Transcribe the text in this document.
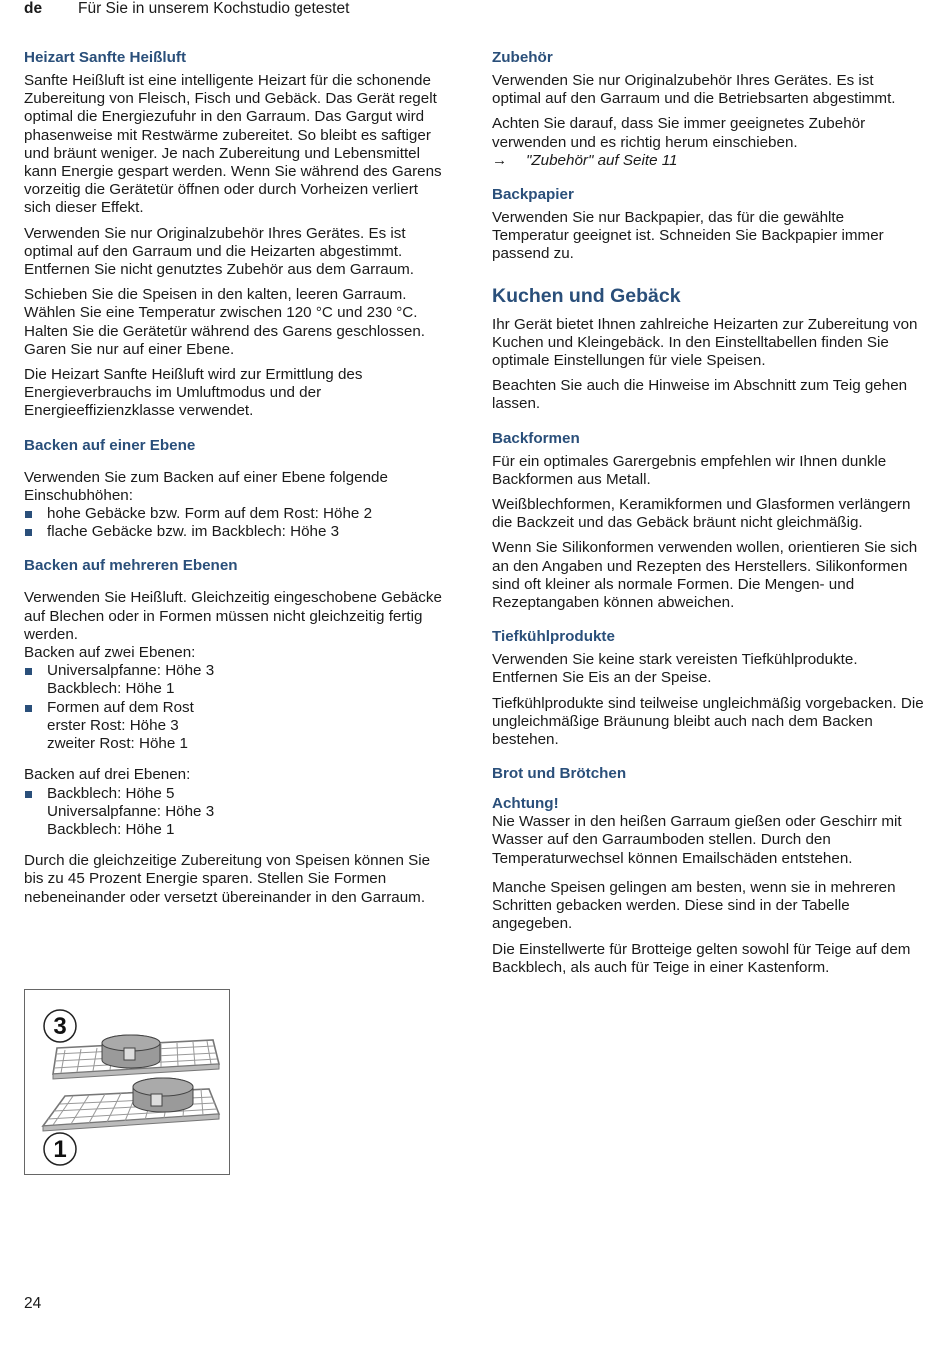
de Für Sie in unserem Kochstudio getestet
Heizart Sanfte Heißluft

Sanfte Heißluft ist eine intelligente Heizart für die schonende Zubereitung von Fleisch, Fisch und Gebäck. Das Gerät regelt optimal die Energiezufuhr in den Garraum. Das Gargut wird phasenweise mit Restwärme zubereitet. So bleibt es saftiger und bräunt weniger. Je nach Zubereitung und Lebensmittel kann Energie gespart werden. Wenn Sie während des Garens vorzeitig die Gerätetür öffnen oder durch Vorheizen verliert sich dieser Effekt.

Verwenden Sie nur Originalzubehör Ihres Gerätes. Es ist optimal auf den Garraum und die Heizarten abgestimmt. Entfernen Sie nicht genutztes Zubehör aus dem Garraum.

Schieben Sie die Speisen in den kalten, leeren Garraum. Wählen Sie eine Temperatur zwischen 120 °C und 230 °C. Halten Sie die Gerätetür während des Garens geschlossen. Garen Sie nur auf einer Ebene.

Die Heizart Sanfte Heißluft wird zur Ermittlung des Energieverbrauchs im Umluftmodus und der Energieeffizienzklasse verwendet.

Backen auf einer Ebene
Verwenden Sie zum Backen auf einer Ebene folgende Einschubhöhen:
hohe Gebäcke bzw. Form auf dem Rost: Höhe 2
flache Gebäcke bzw. im Backblech: Höhe 3
Backen auf mehreren Ebenen
Verwenden Sie Heißluft. Gleichzeitig eingeschobene Gebäcke auf Blechen oder in Formen müssen nicht gleichzeitig fertig werden.
Backen auf zwei Ebenen:
Universalpfanne: Höhe 3
Backblech: Höhe 1
Formen auf dem Rost
erster Rost: Höhe 3
zweiter Rost: Höhe 1
Backen auf drei Ebenen:
Backblech: Höhe 5
Universalpfanne: Höhe 3
Backblech: Höhe 1

Durch die gleichzeitige Zubereitung von Speisen können Sie bis zu 45 Prozent Energie sparen. Stellen Sie Formen nebeneinander oder versetzt übereinander in den Garraum.

3
1
Zubehör

Verwenden Sie nur Originalzubehör Ihres Gerätes. Es ist optimal auf den Garraum und die Betriebsarten abgestimmt.

Achten Sie darauf, dass Sie immer geeignetes Zubehör verwenden und es richtig herum einschieben.
→ "Zubehör" auf Seite 11
Backpapier

Verwenden Sie nur Backpapier, das für die gewählte Temperatur geeignet ist. Schneiden Sie Backpapier immer passend zu.

Kuchen und Gebäck

Ihr Gerät bietet Ihnen zahlreiche Heizarten zur Zubereitung von Kuchen und Kleingebäck. In den Einstelltabellen finden Sie optimale Einstellungen für viele Speisen.

Beachten Sie auch die Hinweise im Abschnitt zum Teig gehen lassen.

Backformen

Für ein optimales Garergebnis empfehlen wir Ihnen dunkle Backformen aus Metall.

Weißblechformen, Keramikformen und Glasformen verlängern die Backzeit und das Gebäck bräunt nicht gleichmäßig.

Wenn Sie Silikonformen verwenden wollen, orientieren Sie sich an den Angaben und Rezepten des Herstellers. Silikonformen sind oft kleiner als normale Formen. Die Mengen- und Rezeptangaben können abweichen.

Tiefkühlprodukte

Verwenden Sie keine stark vereisten Tiefkühlprodukte. Entfernen Sie Eis an der Speise.

Tiefkühlprodukte sind teilweise ungleichmäßig vorgebacken. Die ungleichmäßige Bräunung bleibt auch nach dem Backen bestehen.

Brot und Brötchen
Achtung!

Nie Wasser in den heißen Garraum gießen oder Geschirr mit Wasser auf den Garraumboden stellen. Durch den Temperaturwechsel können Emailschäden entstehen.

Manche Speisen gelingen am besten, wenn sie in mehreren Schritten gebacken werden. Diese sind in der Tabelle angegeben.

Die Einstellwerte für Brotteige gelten sowohl für Teige auf dem Backblech, als auch für Teige in einer Kastenform.

24
